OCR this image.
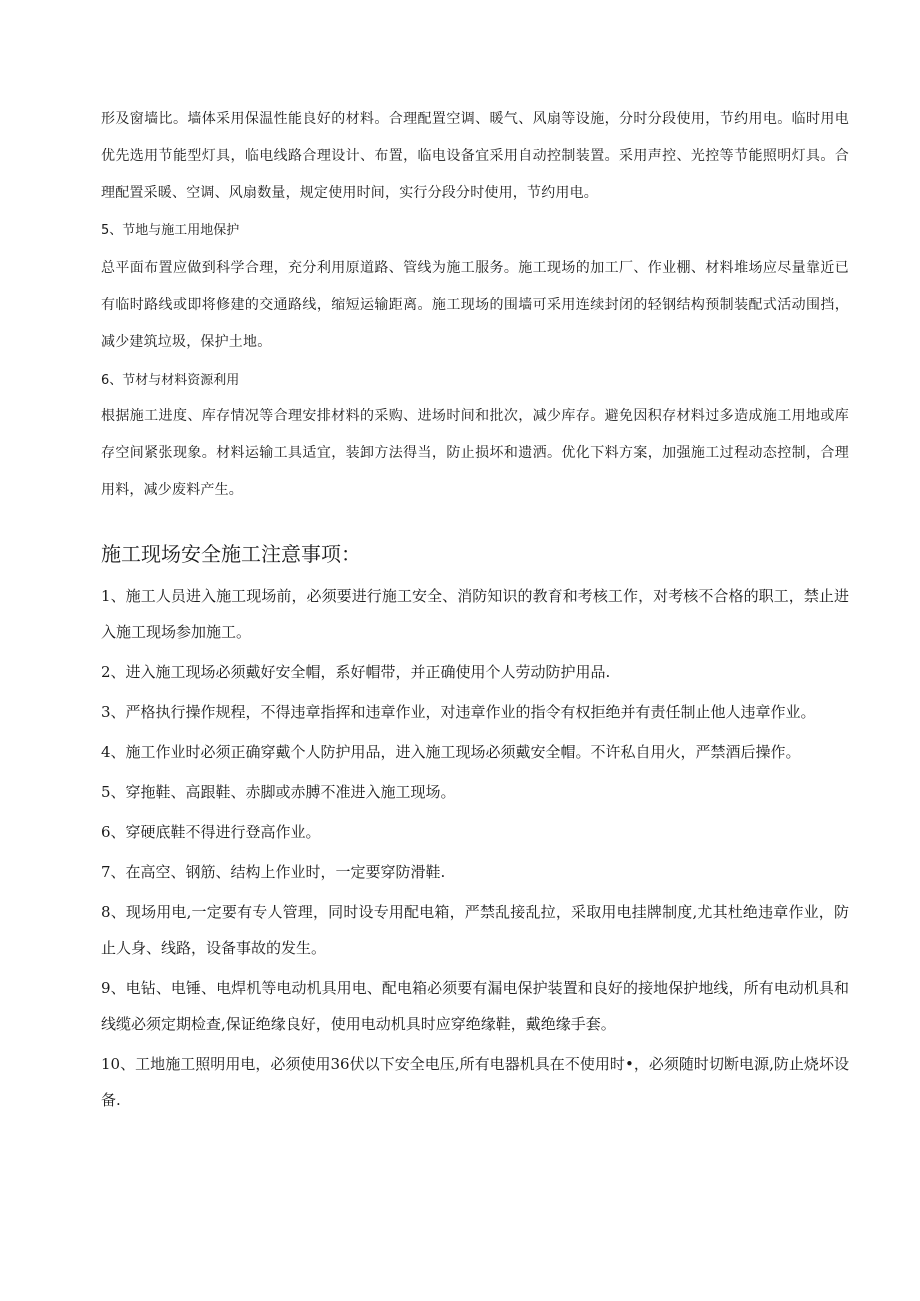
形及窗墙比。墙体采用保温性能良好的材料。合理配置空调、暖气、风扇等设施，分时分段使用，节约用电。临时用电优先选用节能型灯具，临电线路合理设计、布置，临电设备宜采用自动控制装置。采用声控、光控等节能照明灯具。合理配置采暖、空调、风扇数量，规定使用时间，实行分段分时使用，节约用电。

5、节地与施工用地保护

总平面布置应做到科学合理，充分利用原道路、管线为施工服务。施工现场的加工厂、作业棚、材料堆场应尽量靠近已有临时路线或即将修建的交通路线，缩短运输距离。施工现场的围墙可采用连续封闭的轻钢结构预制装配式活动围挡，减少建筑垃圾，保护土地。

6、节材与材料资源利用

根据施工进度、库存情况等合理安排材料的采购、进场时间和批次，减少库存。避免因积存材料过多造成施工用地或库存空间紧张现象。材料运输工具适宜，装卸方法得当，防止损坏和遗洒。优化下料方案，加强施工过程动态控制，合理用料，减少废料产生。

施工现场安全施工注意事项：
1、施工人员进入施工现场前，必须要进行施工安全、消防知识的教育和考核工作，对考核不合格的职工，禁止进入施工现场参加施工。
2、进入施工现场必须戴好安全帽，系好帽带，并正确使用个人劳动防护用品.
3、严格执行操作规程，不得违章指挥和违章作业，对违章作业的指令有权拒绝并有责任制止他人违章作业。
4、施工作业时必须正确穿戴个人防护用品，进入施工现场必须戴安全帽。不许私自用火，严禁酒后操作。
5、穿拖鞋、高跟鞋、赤脚或赤膊不准进入施工现场。
6、穿硬底鞋不得进行登高作业。
7、在高空、钢筋、结构上作业时，一定要穿防滑鞋.
8、现场用电,一定要有专人管理，同时设专用配电箱，严禁乱接乱拉，采取用电挂牌制度,尤其杜绝违章作业，防止人身、线路，设备事故的发生。
9、电钻、电锤、电焊机等电动机具用电、配电箱必须要有漏电保护装置和良好的接地保护地线，所有电动机具和线缆必须定期检查,保证绝缘良好，使用电动机具时应穿绝缘鞋，戴绝缘手套。
10、工地施工照明用电，必须使用36伏以下安全电压,所有电器机具在不使用时•，必须随时切断电源,防止烧坏设备.
